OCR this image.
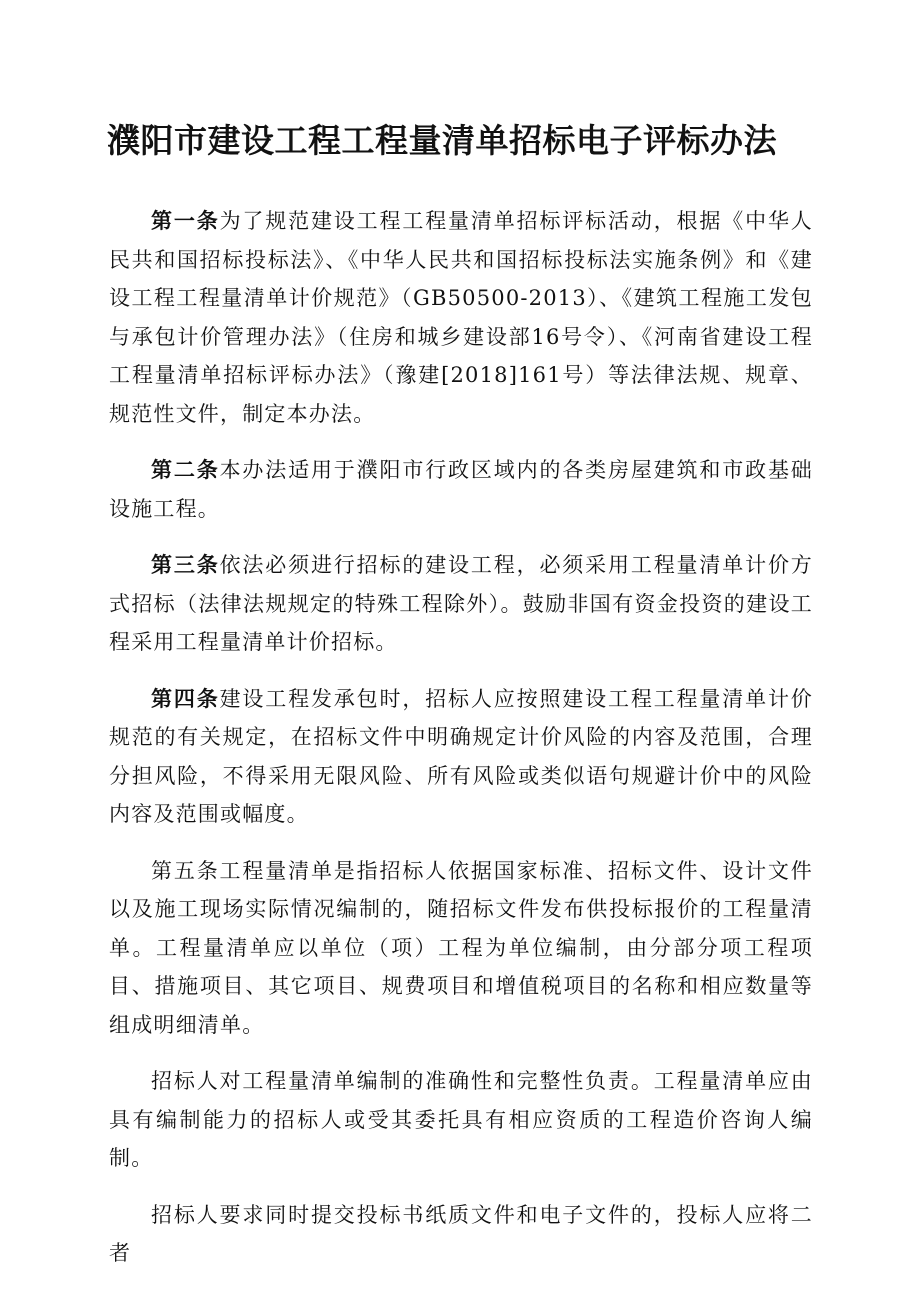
濮阳市建设工程工程量清单招标电子评标办法

第一条为了规范建设工程工程量清单招标评标活动，根据《中华人民共和国招标投标法》、《中华人民共和国招标投标法实施条例》和《建设工程工程量清单计价规范》（GB50500-2013）、《建筑工程施工发包与承包计价管理办法》（住房和城乡建设部16号令）、《河南省建设工程工程量清单招标评标办法》（豫建[2018]161号）等法律法规、规章、规范性文件，制定本办法。

第二条本办法适用于濮阳市行政区域内的各类房屋建筑和市政基础设施工程。

第三条依法必须进行招标的建设工程，必须采用工程量清单计价方式招标（法律法规规定的特殊工程除外）。鼓励非国有资金投资的建设工程采用工程量清单计价招标。

第四条建设工程发承包时，招标人应按照建设工程工程量清单计价规范的有关规定，在招标文件中明确规定计价风险的内容及范围，合理分担风险，不得采用无限风险、所有风险或类似语句规避计价中的风险内容及范围或幅度。

第五条工程量清单是指招标人依据国家标准、招标文件、设计文件以及施工现场实际情况编制的，随招标文件发布供投标报价的工程量清单。工程量清单应以单位（项）工程为单位编制，由分部分项工程项目、措施项目、其它项目、规费项目和增值税项目的名称和相应数量等组成明细清单。

招标人对工程量清单编制的准确性和完整性负责。工程量清单应由具有编制能力的招标人或受其委托具有相应资质的工程造价咨询人编制。

招标人要求同时提交投标书纸质文件和电子文件的，投标人应将二者
